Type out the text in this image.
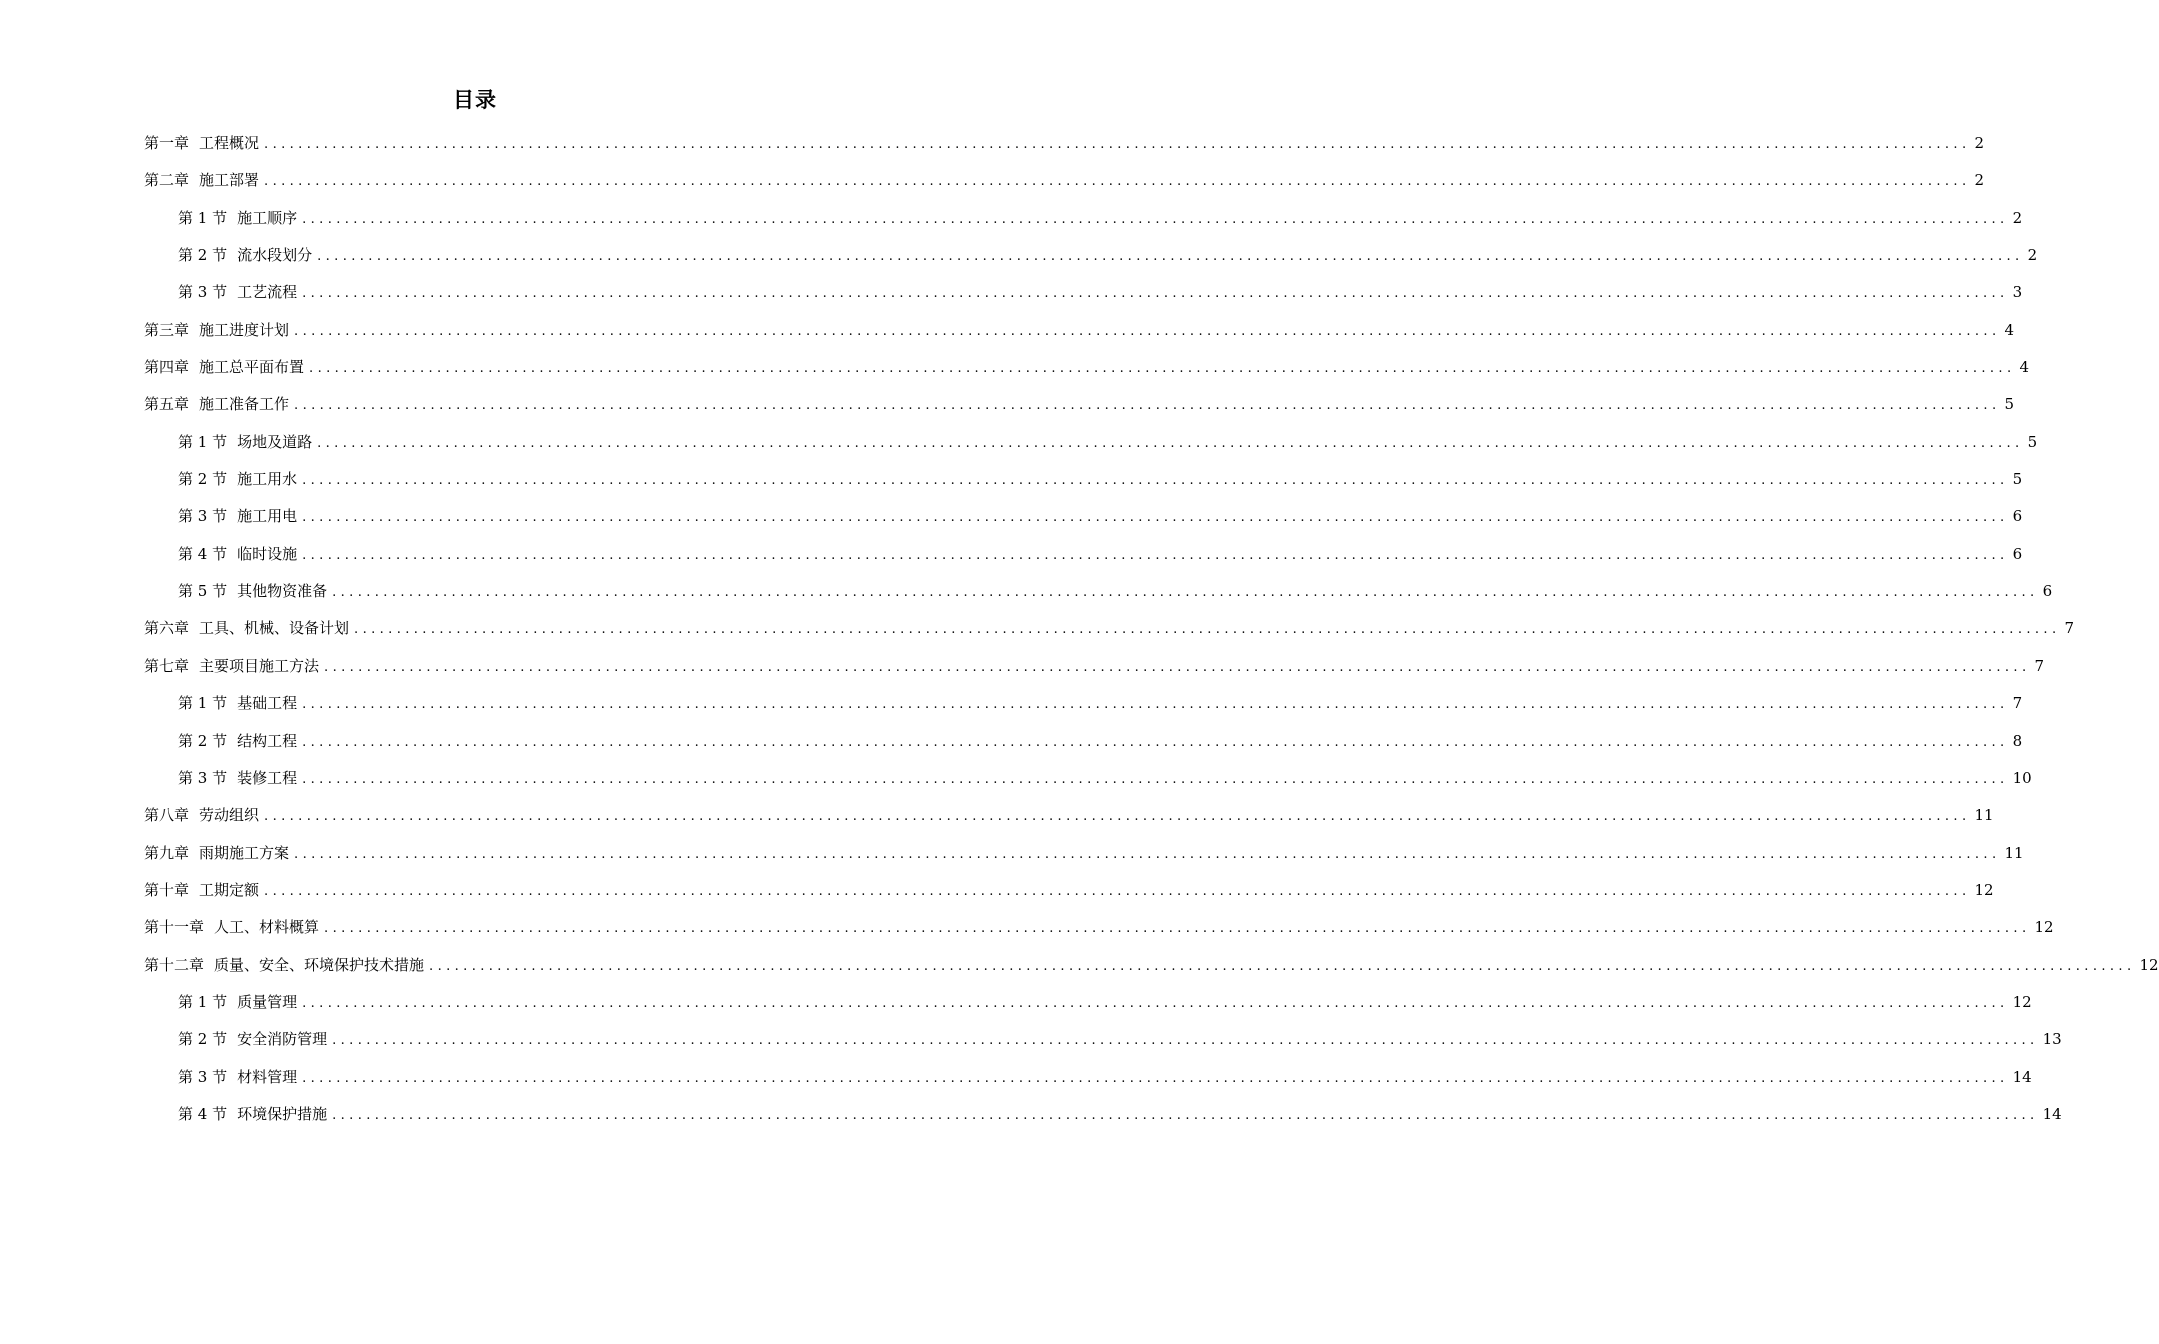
目录
第一章 工程概况 ........................................................................................................................................................................................................ 2
第二章 施工部署 ........................................................................................................................................................................................................ 2
第 1 节 施工顺序 ........................................................................................................................................................................................................ 2
第 2 节 流水段划分 ........................................................................................................................................................................................................ 2
第 3 节 工艺流程 ........................................................................................................................................................................................................ 3
第三章 施工进度计划 ........................................................................................................................................................................................................ 4
第四章 施工总平面布置 ........................................................................................................................................................................................................ 4
第五章 施工准备工作 ........................................................................................................................................................................................................ 5
第 1 节 场地及道路 ........................................................................................................................................................................................................ 5
第 2 节 施工用水 ........................................................................................................................................................................................................ 5
第 3 节 施工用电 ........................................................................................................................................................................................................ 6
第 4 节 临时设施 ........................................................................................................................................................................................................ 6
第 5 节 其他物资准备 ........................................................................................................................................................................................................ 6
第六章 工具、机械、设备计划 ........................................................................................................................................................................................................ 7
第七章 主要项目施工方法 ........................................................................................................................................................................................................ 7
第 1 节 基础工程 ........................................................................................................................................................................................................ 7
第 2 节 结构工程 ........................................................................................................................................................................................................ 8
第 3 节 装修工程 ........................................................................................................................................................................................................ 10
第八章 劳动组织 ........................................................................................................................................................................................................ 11
第九章 雨期施工方案 ........................................................................................................................................................................................................ 11
第十章 工期定额 ........................................................................................................................................................................................................ 12
第十一章 人工、材料概算 ........................................................................................................................................................................................................ 12
第十二章 质量、安全、环境保护技术措施 ........................................................................................................................................................................................................ 12
第 1 节 质量管理 ........................................................................................................................................................................................................ 12
第 2 节 安全消防管理 ........................................................................................................................................................................................................ 13
第 3 节 材料管理 ........................................................................................................................................................................................................ 14
第 4 节 环境保护措施 ........................................................................................................................................................................................................ 14
